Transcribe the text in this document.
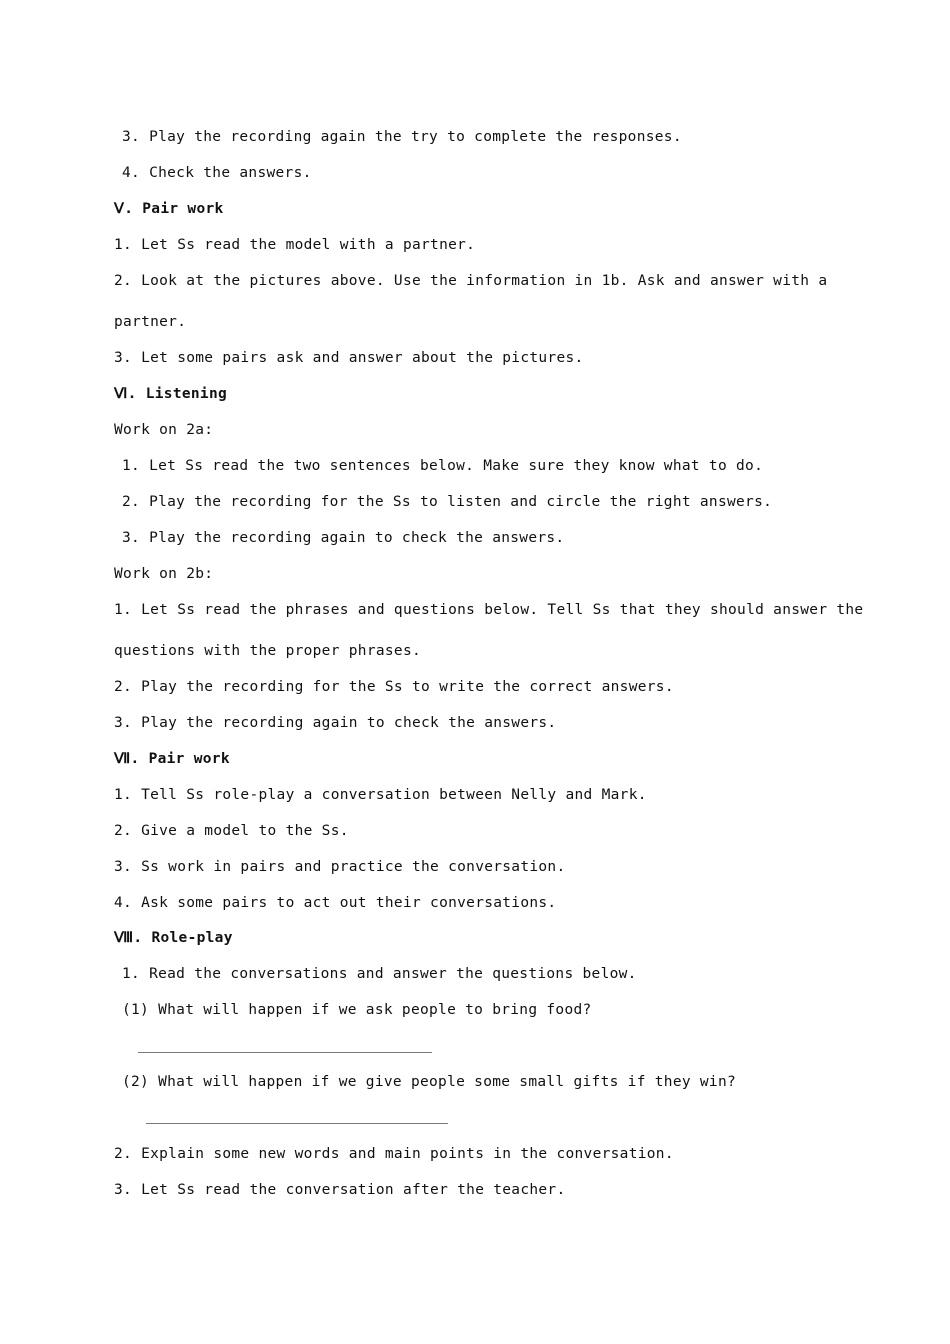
3. Play the recording again the try to complete the responses.
4. Check the answers.
Ⅴ. Pair work
1. Let Ss read the model with a partner.
2. Look at the pictures above. Use the information in 1b. Ask and answer with a
partner.
3. Let some pairs ask and answer about the pictures.
Ⅵ. Listening
Work on 2a:
1. Let Ss read the two sentences below. Make sure they know what to do.
2. Play the recording for the Ss to listen and circle the right answers.
3. Play the recording again to check the answers.
Work on 2b:
1. Let Ss read the phrases and questions below. Tell Ss that they should answer the
questions with the proper phrases.
2. Play the recording for the Ss to write the correct answers.
3. Play the recording again to check the answers.
Ⅶ. Pair work
1. Tell Ss role-play a conversation between Nelly and Mark.
2. Give a model to the Ss.
3. Ss work in pairs and practice the conversation.
4. Ask some pairs to act out their conversations.
Ⅷ. Role-play
1. Read the conversations and answer the questions below.
(1) What will happen if we ask people to bring food?
(2) What will happen if we give people some small gifts if they win?
2. Explain some new words and main points in the conversation.
3. Let Ss read the conversation after the teacher.
